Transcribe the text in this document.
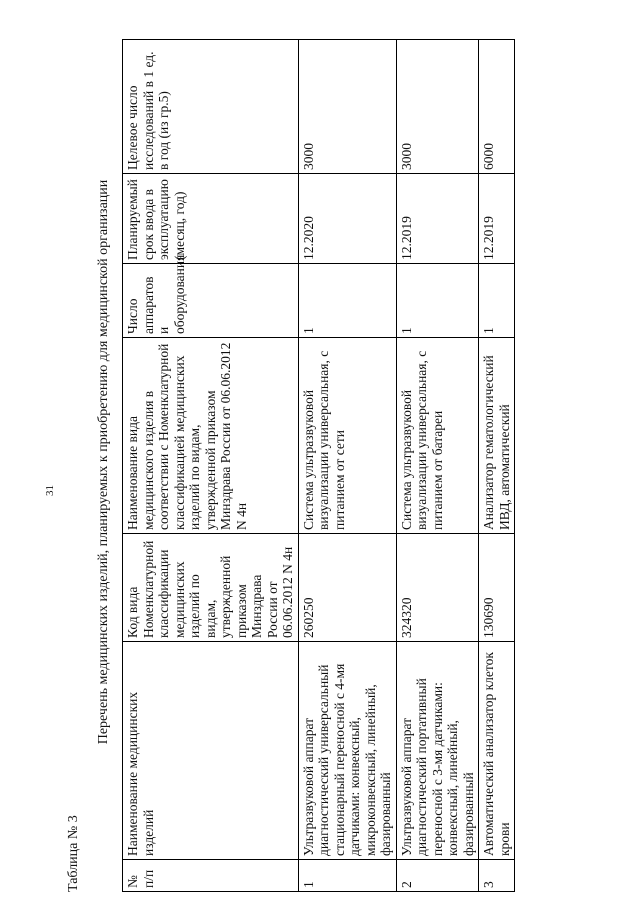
31
Таблица № 3
Перечень медицинских изделий, планируемых к приобретению для медицинской организации
№ п/п	Наименование медицинских изделий	Код вида Номенклатурной классификации медицинских изделий по видам, утвержденной приказом Минздрава России от 06.06.2012 N 4н	Наименование вида медицинского изделия в соответствии с Номенклатурной классификацией медицинских изделий по видам, утвержденной приказом Минздрава России от 06.06.2012 N 4н	Число аппаратов и оборудования	Планируемый срок ввода в эксплуатацию (месяц, год)	Целевое число исследований в 1 ед. в год (из гр.5)
1	Ультразвуковой аппарат диагностический универсальный стационарный переносной с 4-мя датчиками: конвексный, микроконвексный, линейный, фазированный	260250	Система ультразвуковой визуализации универсальная, с питанием от сети	1	12.2020	3000
2	Ультразвуковой аппарат диагностический портативный переносной с 3-мя датчиками: конвексный, линейный, фазированный	324320	Система ультразвуковой визуализации универсальная, с питанием от батареи	1	12.2019	3000
3	Автоматический анализатор клеток крови	130690	Анализатор гематологический ИВД, автоматический	1	12.2019	6000
